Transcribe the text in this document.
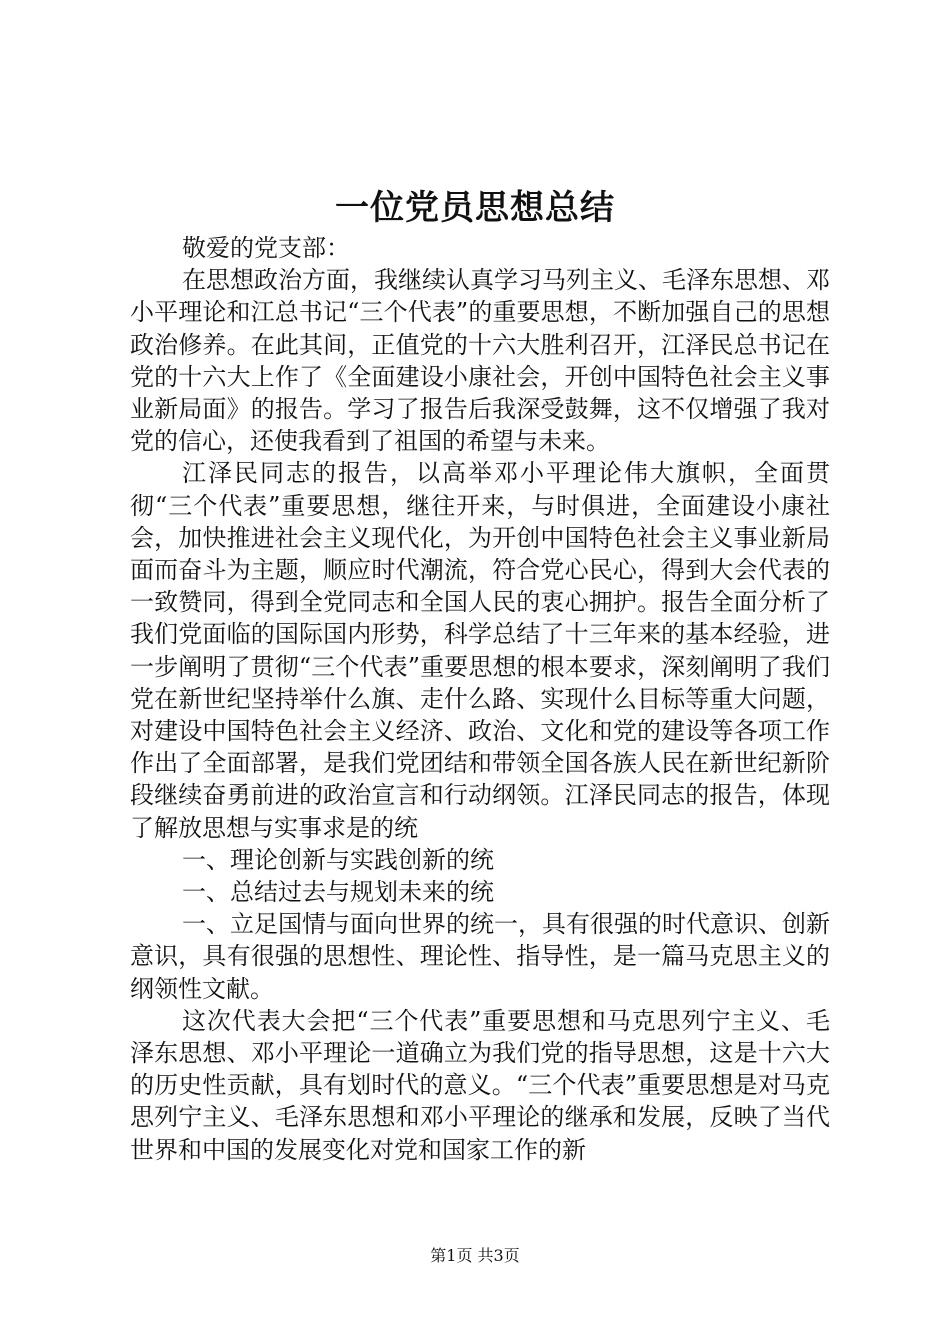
一位党员思想总结

敬爱的党支部：

在思想政治方面，我继续认真学习马列主义、毛泽东思想、邓小平理论和江总书记“三个代表”的重要思想，不断加强自己的思想政治修养。在此其间，正值党的十六大胜利召开，江泽民总书记在党的十六大上作了《全面建设小康社会，开创中国特色社会主义事业新局面》的报告。学习了报告后我深受鼓舞，这不仅增强了我对党的信心，还使我看到了祖国的希望与未来。

江泽民同志的报告，以高举邓小平理论伟大旗帜，全面贯彻“三个代表”重要思想，继往开来，与时俱进，全面建设小康社会，加快推进社会主义现代化，为开创中国特色社会主义事业新局面而奋斗为主题，顺应时代潮流，符合党心民心，得到大会代表的一致赞同，得到全党同志和全国人民的衷心拥护。报告全面分析了我们党面临的国际国内形势，科学总结了十三年来的基本经验，进一步阐明了贯彻“三个代表”重要思想的根本要求，深刻阐明了我们党在新世纪坚持举什么旗、走什么路、实现什么目标等重大问题，对建设中国特色社会主义经济、政治、文化和党的建设等各项工作作出了全面部署，是我们党团结和带领全国各族人民在新世纪新阶段继续奋勇前进的政治宣言和行动纲领。江泽民同志的报告，体现了解放思想与实事求是的统

一、理论创新与实践创新的统

一、总结过去与规划未来的统

一、立足国情与面向世界的统一，具有很强的时代意识、创新意识，具有很强的思想性、理论性、指导性，是一篇马克思主义的纲领性文献。

这次代表大会把“三个代表”重要思想和马克思列宁主义、毛泽东思想、邓小平理论一道确立为我们党的指导思想，这是十六大的历史性贡献，具有划时代的意义。“三个代表”重要思想是对马克思列宁主义、毛泽东思想和邓小平理论的继承和发展，反映了当代世界和中国的发展变化对党和国家工作的新

第1页 共3页
